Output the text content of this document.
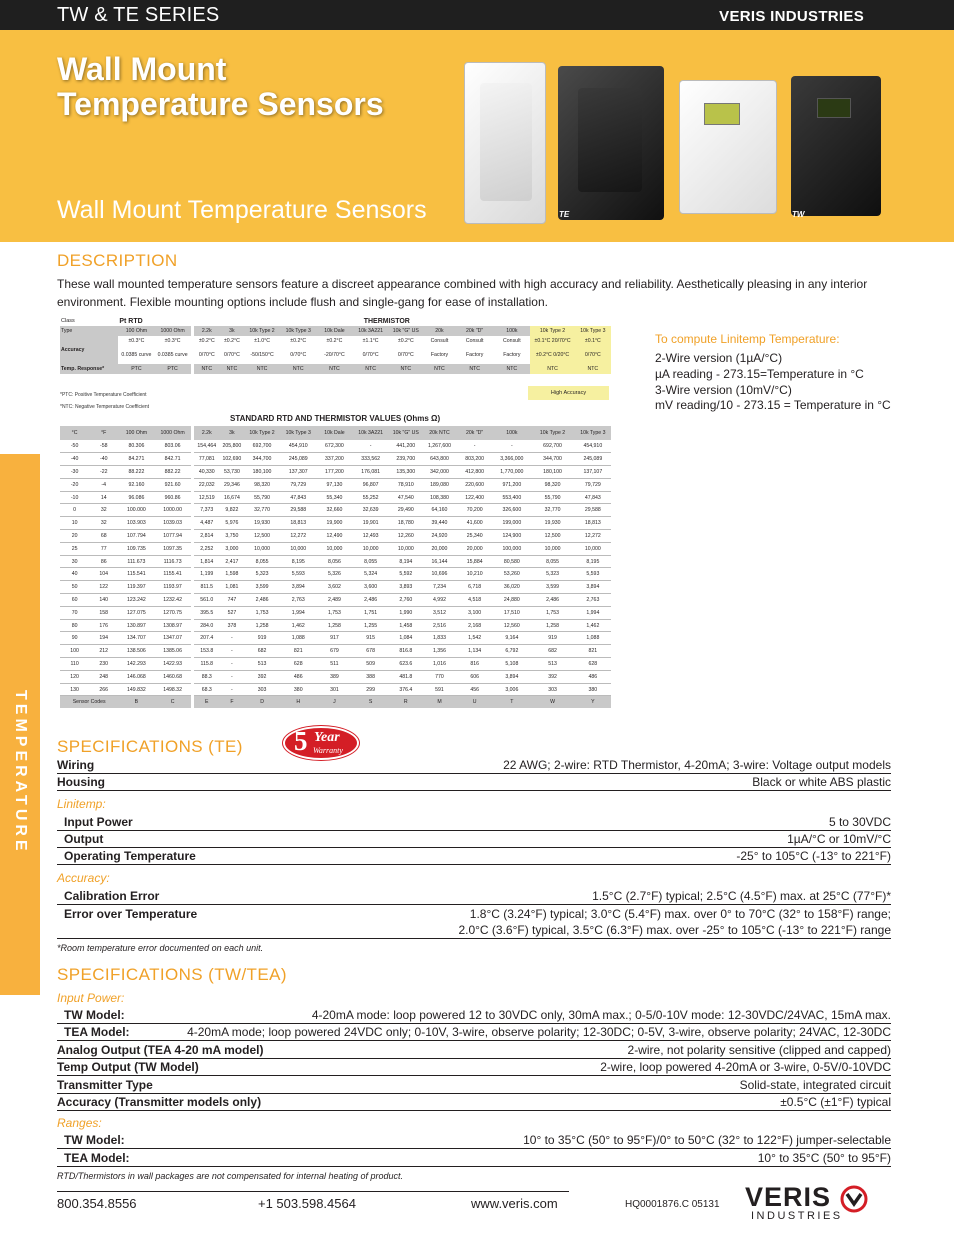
TW & TE SERIES	VERIS INDUSTRIES
Wall Mount
Temperature Sensors
Wall Mount Temperature Sensors	TE	TW
DESCRIPTION
These wall mounted temperature sensors feature a discreet appearance combined with high accuracy and reliability. Aesthetically pleasing in any interior environment. Flexible mounting options include flush and single-gang for ease of installation.
Class	Pt RTD			THERMISTOR											
Type	100 Ohm	1000 Ohm		2.2k	3k	10k Type 2	10k Type 3	10k Dale	10k 3A221	10k "G" US	20k	20k "D"	100k	10k Type 2	10k Type 3
Accuracy	±0.3°C	±0.3°C		±0.2°C	±0.2°C	±1.0°C	±0.2°C	±0.2°C	±1.1°C	±0.2°C	Consult	Consult	Consult	±0.1°C 20/70°C	±0.1°C
	0.0385 curve	0.0385 curve		0/70°C	0/70°C	-50/150°C	0/70°C	-20/70°C	0/70°C	0/70°C	Factory	Factory	Factory	±0.2°C 0/20°C	0/70°C
Temp. Response*	PTC	PTC		NTC	NTC	NTC	NTC	NTC	NTC	NTC	NTC	NTC	NTC	NTC	NTC
High Accuracy
*PTC: Positive Temperature Coefficient
*NTC: Negative Temperature Coefficient
STANDARD RTD AND THERMISTOR VALUES (Ohms Ω)
°C	°F	100 Ohm	1000 Ohm		2.2k	3k	10k Type 2	10k Type 3	10k Dale	10k 3A221	10k "G" US	20k NTC	20k "D"	100k	10k Type 2	10k Type 3
-50	-58	80.306	803.06		154,464	205,800	692,700	454,910	672,300	-	441,200	1,267,600	-	-	692,700	454,910
-40	-40	84.271	842.71		77,081	102,690	344,700	245,089	337,200	333,562	239,700	643,800	803,200	3,366,000	344,700	245,089
-30	-22	88.222	882.22		40,330	53,730	180,100	137,307	177,200	176,081	135,300	342,000	412,800	1,770,000	180,100	137,107
-20	-4	92.160	921.60		22,032	29,346	98,320	79,729	97,130	96,807	78,910	189,080	220,600	971,200	98,320	79,729
-10	14	96.086	960.86		12,519	16,674	55,790	47,843	55,340	55,252	47,540	108,380	122,400	553,400	55,790	47,843
0	32	100.000	1000.00		7,373	9,822	32,770	29,588	32,660	32,639	29,490	64,160	70,200	326,600	32,770	29,588
10	32	103.903	1039.03		4,487	5,976	19,930	18,813	19,900	19,901	18,780	39,440	41,600	199,000	19,930	18,813
20	68	107.794	1077.94		2,814	3,750	12,500	12,272	12,490	12,493	12,260	24,920	25,340	124,900	12,500	12,272
25	77	109.735	1097.35		2,252	3,000	10,000	10,000	10,000	10,000	10,000	20,000	20,000	100,000	10,000	10,000
30	86	111.673	1116.73		1,814	2,417	8,055	8,195	8,056	8,055	8,194	16,144	15,884	80,580	8,055	8,195
40	104	115.541	1155.41		1,199	1,598	5,323	5,593	5,326	5,324	5,592	10,696	10,210	53,260	5,323	5,593
50	122	119.397	1193.97		811.5	1,081	3,599	3,894	3,602	3,600	3,893	7,234	6,718	36,020	3,599	3,894
60	140	123.242	1232.42		561.0	747	2,486	2,763	2,489	2,486	2,760	4,992	4,518	24,880	2,486	2,763
70	158	127.075	1270.75		395.5	527	1,753	1,994	1,753	1,751	1,990	3,512	3,100	17,510	1,753	1,994
80	176	130.897	1308.97		284.0	378	1,258	1,462	1,258	1,255	1,458	2,516	2,168	12,560	1,258	1,462
90	194	134.707	1347.07		207.4	-	919	1,088	917	915	1,084	1,833	1,542	9,164	919	1,088
100	212	138.506	1385.06		153.8	-	682	821	679	678	816.8	1,356	1,134	6,792	682	821
110	230	142.293	1422.93		115.8	-	513	628	511	509	623.6	1,016	816	5,108	513	628
120	248	146.068	1460.68		88.3	-	392	486	389	388	481.8	770	606	3,894	392	486
130	266	149.832	1498.32		68.3	-	303	380	301	299	376.4	591	456	3,006	303	380
Sensor Codes		B	C		E	F	D	H	J	S	R	M	U	T	W	Y
To compute Linitemp Temperature:
2-Wire version (1µA/°C)
µA reading - 273.15=Temperature in °C
3-Wire version (10mV/°C)
mV reading/10 - 273.15 = Temperature in °C
SPECIFICATIONS (TE) 5 Year
Warranty
Wiring	22 AWG; 2-wire: RTD Thermistor, 4-20mA; 3-wire: Voltage output models
Housing	Black or white ABS plastic
Linitemp:
Input Power	5 to 30VDC
Output	1µA/°C or 10mV/°C
Operating Temperature	-25° to 105°C (-13° to 221°F)
Accuracy:
Calibration Error	1.5°C (2.7°F) typical; 2.5°C (4.5°F) max. at 25°C (77°F)*
Error over Temperature	1.8°C (3.24°F) typical; 3.0°C (5.4°F) max. over 0° to 70°C (32° to 158°F) range;
2.0°C (3.6°F) typical, 3.5°C (6.3°F) max. over -25° to 105°C (-13° to 221°F) range
*Room temperature error documented on each unit.
SPECIFICATIONS (TW/TEA)
Input Power:
TW Model:	4-20mA mode: loop powered 12 to 30VDC only, 30mA max.; 0-5/0-10V mode: 12-30VDC/24VAC, 15mA max.
TEA Model:	4-20mA mode; loop powered 24VDC only; 0-10V, 3-wire, observe polarity; 12-30DC; 0-5V, 3-wire, observe polarity; 24VAC, 12-30DC
Analog Output (TEA 4-20 mA model)	2-wire, not polarity sensitive (clipped and capped)
Temp Output (TW Model)	2-wire, loop powered 4-20mA or 3-wire, 0-5V/0-10VDC
Transmitter Type	Solid-state, integrated circuit
Accuracy (Transmitter models only)	±0.5°C (±1°F) typical
Ranges:
TW Model:	10° to 35°C (50° to 95°F)/0° to 50°C (32° to 122°F) jumper-selectable
TEA Model:	10° to 35°C (50° to 95°F)
RTD/Thermistors in wall packages are not compensated for internal heating of product.
800.354.8556	+1 503.598.4564	www.veris.com	HQ0001876.C 05131 VERIS
INDUSTRIES
